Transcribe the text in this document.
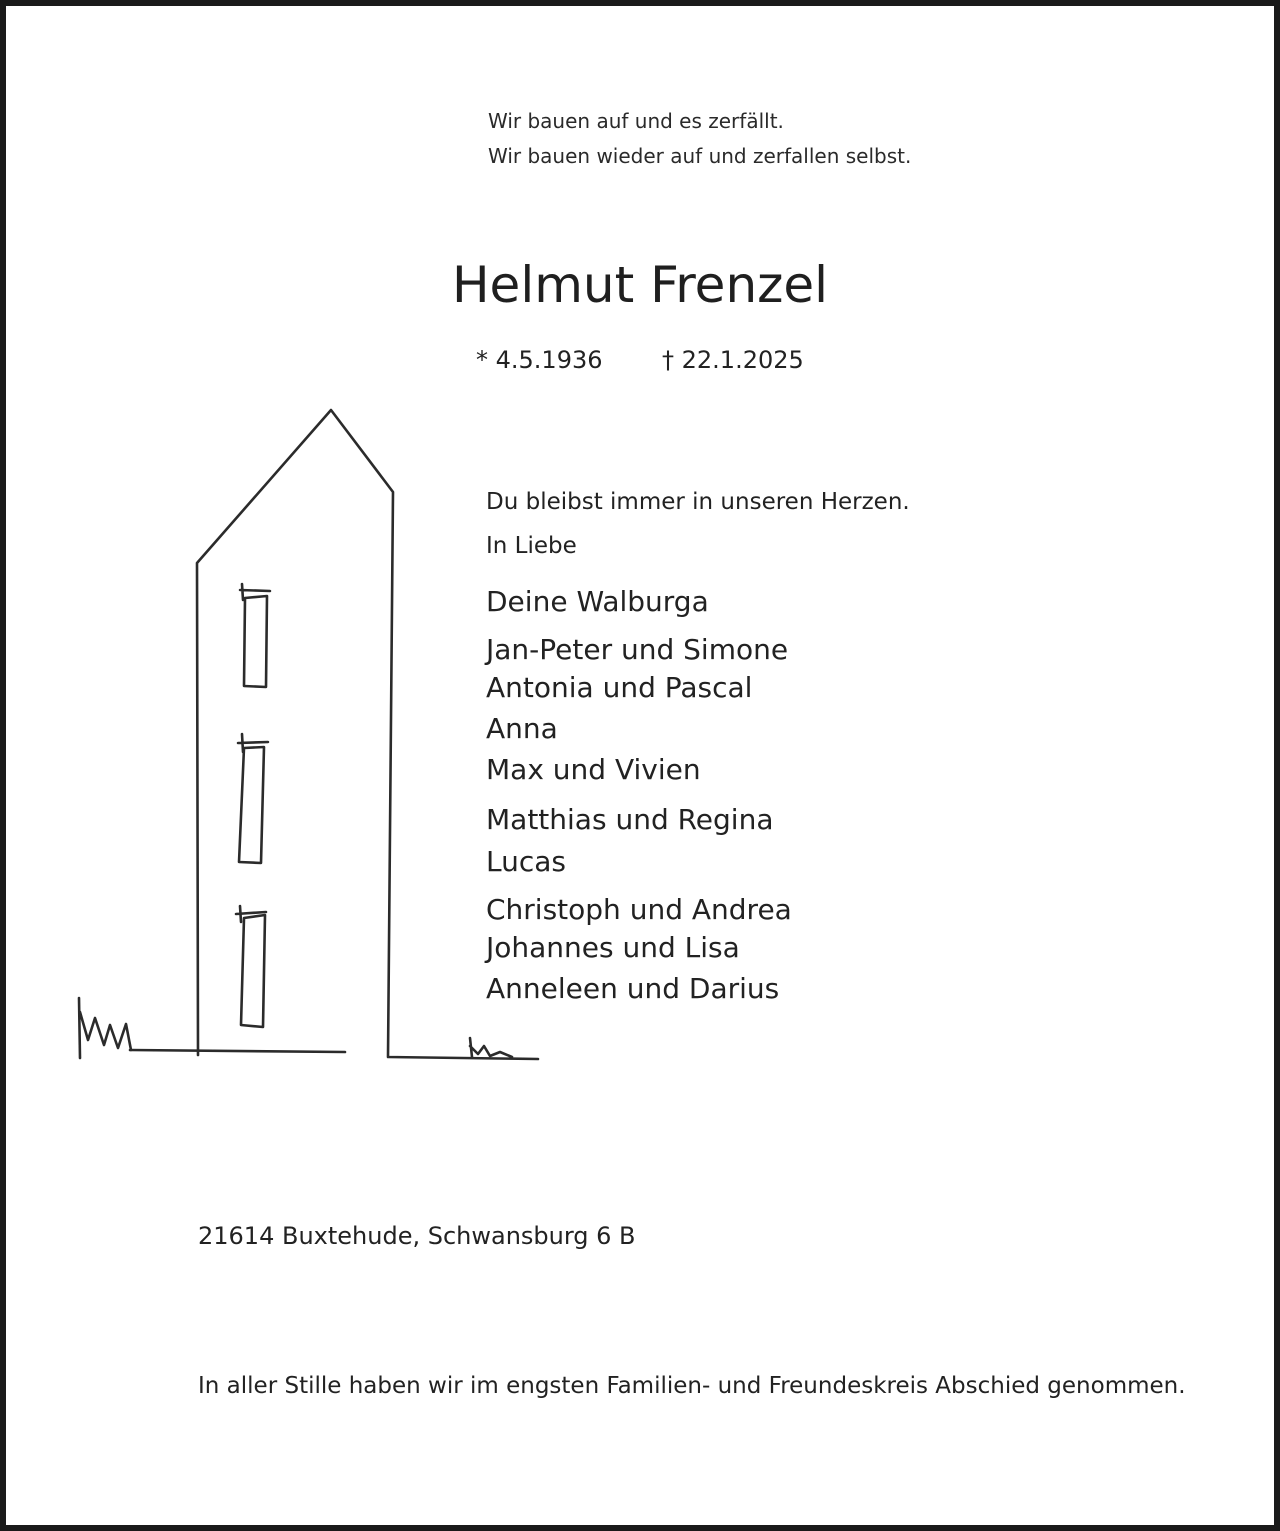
Wir bauen auf und es zerfällt.
Wir bauen wieder auf und zerfallen selbst.
Helmut Frenzel
* 4.5.1936 † 22.1.2025
Du bleibst immer in unseren Herzen.
In Liebe
Deine Walburga
Jan-Peter und Simone
Antonia und Pascal
Anna
Max und Vivien
Matthias und Regina
Lucas
Christoph und Andrea
Johannes und Lisa
Anneleen und Darius
21614 Buxtehude, Schwansburg 6 B
In aller Stille haben wir im engsten Familien- und Freundeskreis Abschied genommen.
